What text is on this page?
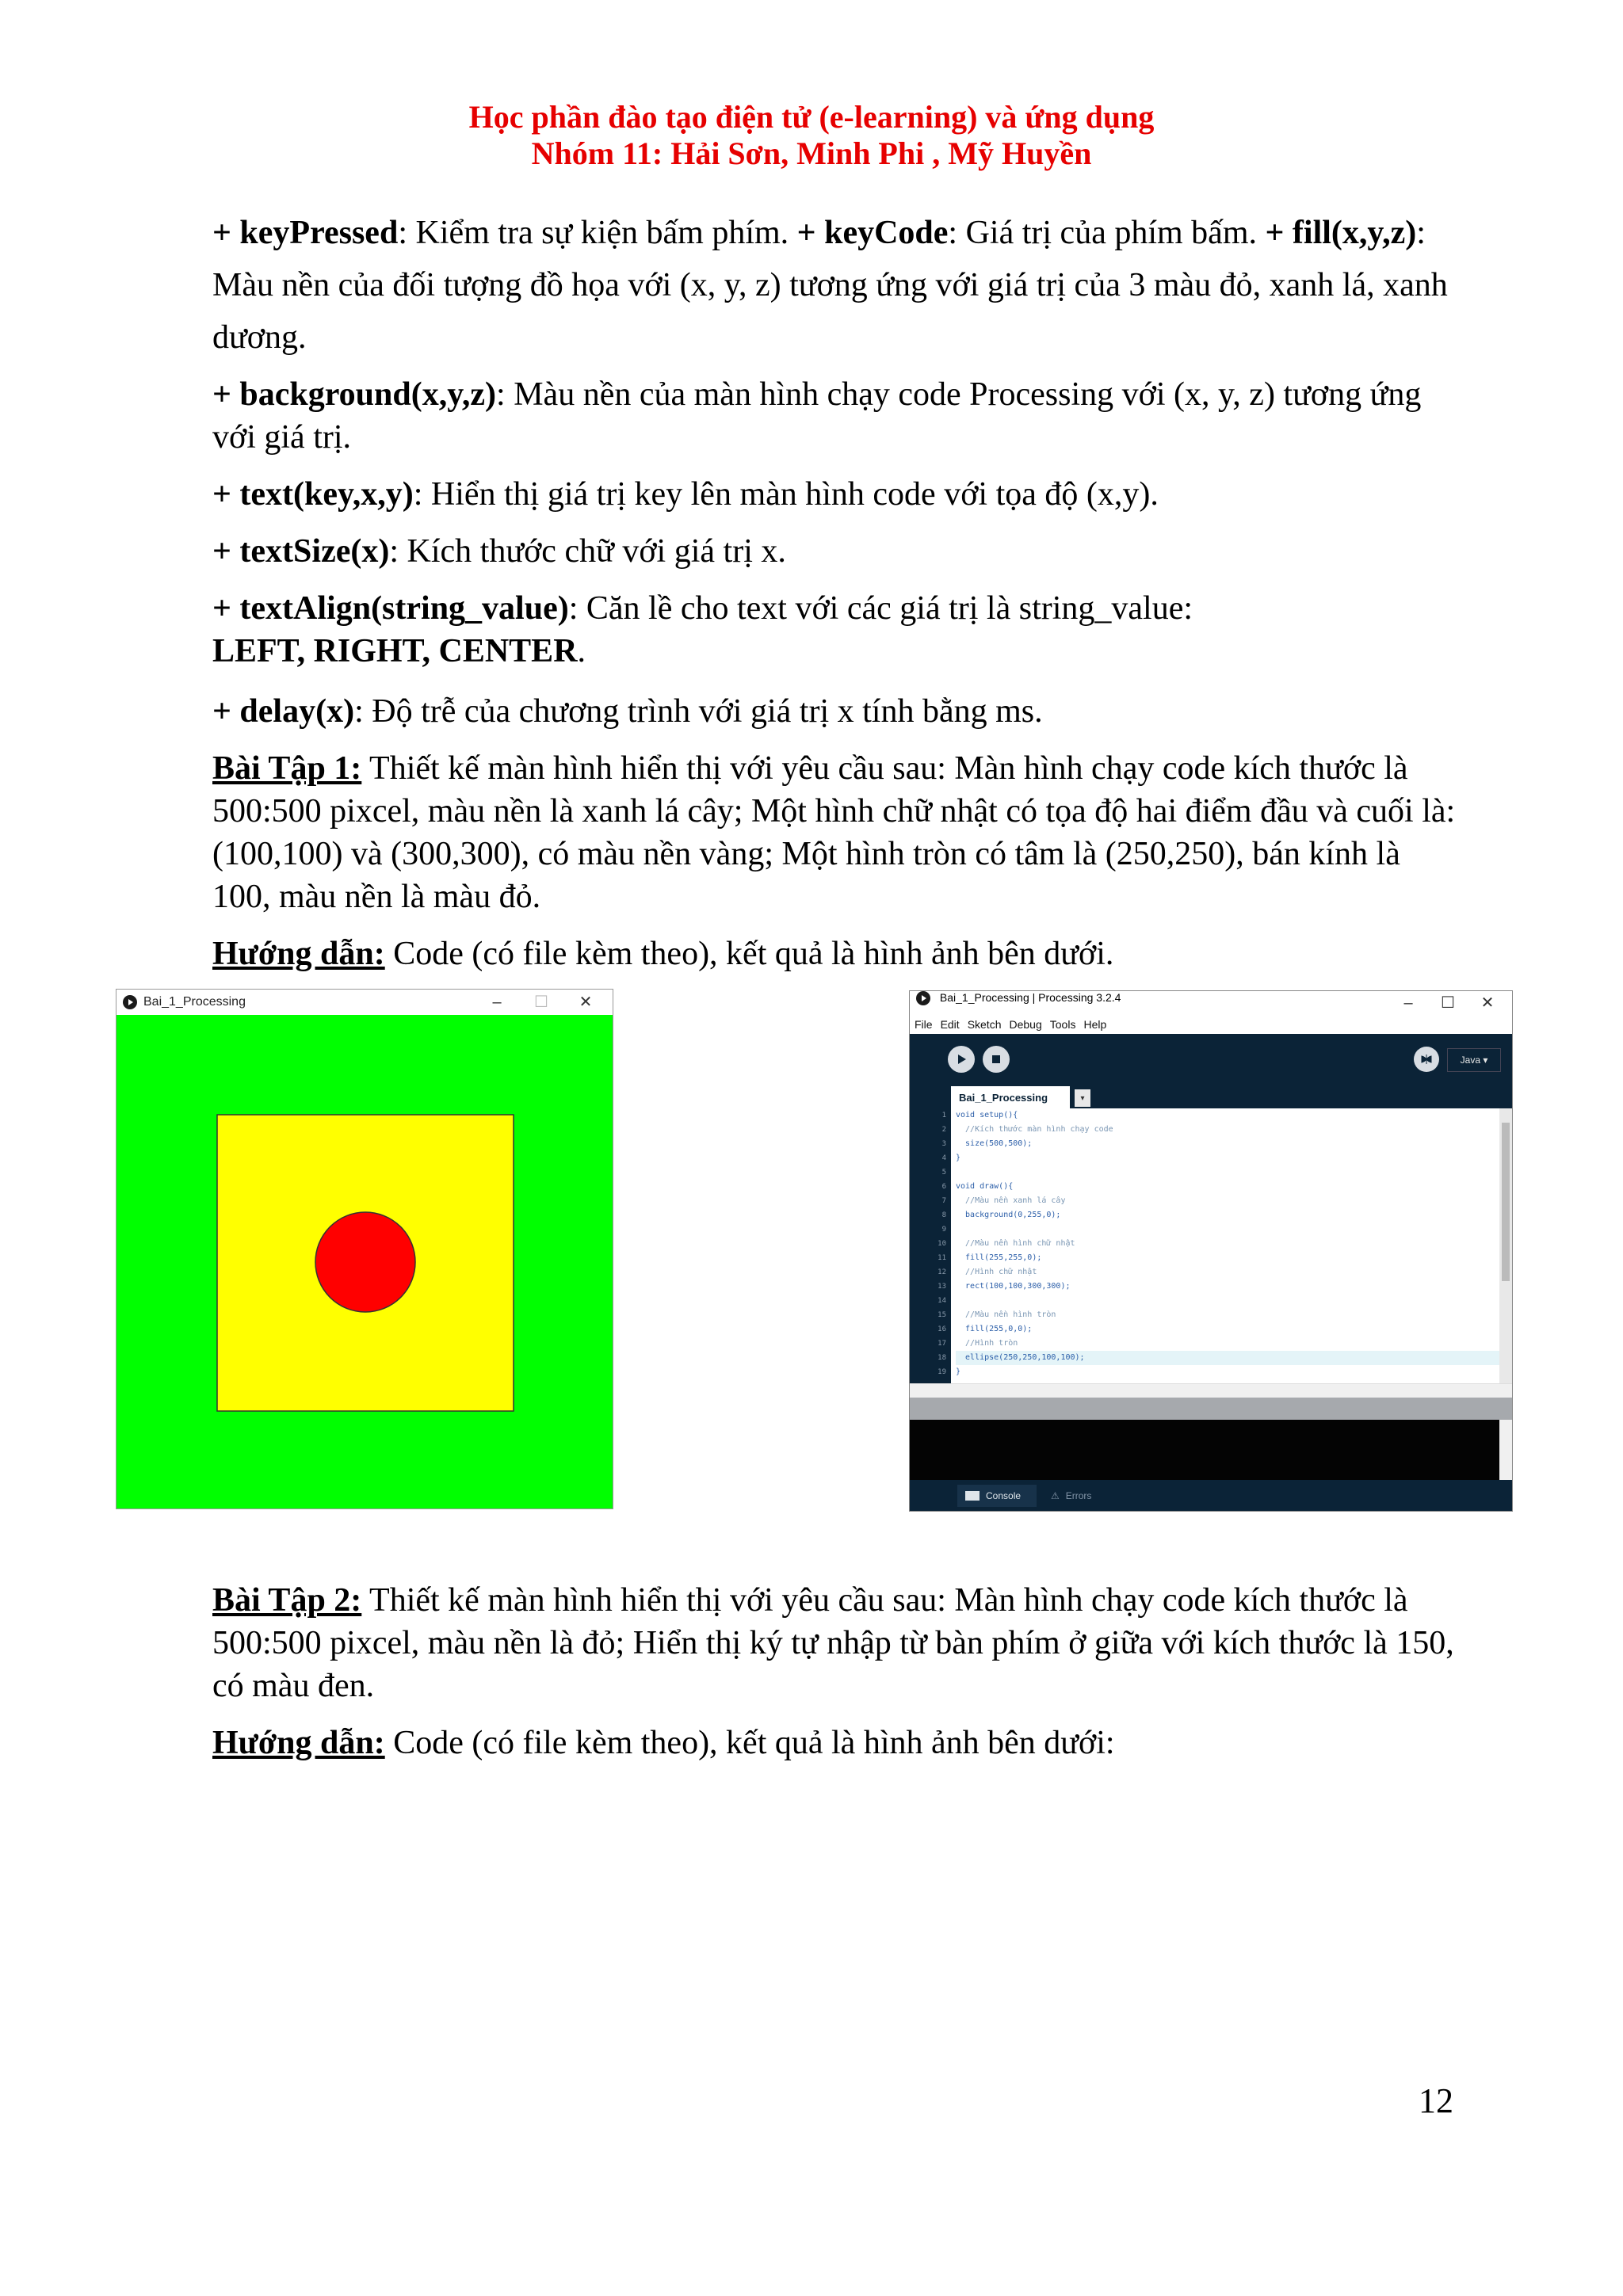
Học phần đào tạo điện tử (e-learning) và ứng dụng
Nhóm 11: Hải Sơn, Minh Phi , Mỹ Huyền
+ keyPressed: Kiểm tra sự kiện bấm phím. + keyCode: Giá trị của phím bấm. + fill(x,y,z):
Màu nền của đối tượng đồ họa với (x, y, z) tương ứng với giá trị của 3 màu đỏ, xanh lá, xanh
dương.
+ background(x,y,z): Màu nền của màn hình chạy code Processing với (x, y, z) tương ứng
với giá trị.
+ text(key,x,y): Hiển thị giá trị key lên màn hình code với tọa độ (x,y).
+ textSize(x): Kích thước chữ với giá trị x.
+ textAlign(string_value): Căn lề cho text với các giá trị là string_value:
LEFT, RIGHT, CENTER.
+ delay(x): Độ trễ của chương trình với giá trị x tính bằng ms.
Bài Tập 1: Thiết kế màn hình hiển thị với yêu cầu sau: Màn hình chạy code kích thước là
500:500 pixcel, màu nền là xanh lá cây; Một hình chữ nhật có tọa độ hai điểm đầu và cuối là:
(100,100) và (300,300), có màu nền vàng; Một hình tròn có tâm là (250,250), bán kính là
100, màu nền là màu đỏ.
Hướng dẫn: Code (có file kèm theo), kết quả là hình ảnh bên dưới.
Bai_1_Processing	–	☐	✕	Bai_1_Processing | Processing 3.2.4	–	☐	✕
File Edit Sketch Debug Tools Help
Java ▾
Bai_1_Processing	▾
1
2
3
4
5
6
7
8
9
10
11
12
13
14
15
16
17
18
19
void setup(){
//Kích thước màn hình chạy code
size(500,500);
}
void draw(){
//Màu nền xanh lá cây
background(0,255,0);
//Màu nền hình chữ nhật
fill(255,255,0);
//Hình chữ nhật
rect(100,100,300,300);
//Màu nền hình tròn
fill(255,0,0);
//Hình tròn
ellipse(250,250,100,100);
}
Console	⚠ Errors
Bài Tập 2: Thiết kế màn hình hiển thị với yêu cầu sau: Màn hình chạy code kích thước là
500:500 pixcel, màu nền là đỏ; Hiển thị ký tự nhập từ bàn phím ở giữa với kích thước là 150,
có màu đen.
Hướng dẫn: Code (có file kèm theo), kết quả là hình ảnh bên dưới:
12
